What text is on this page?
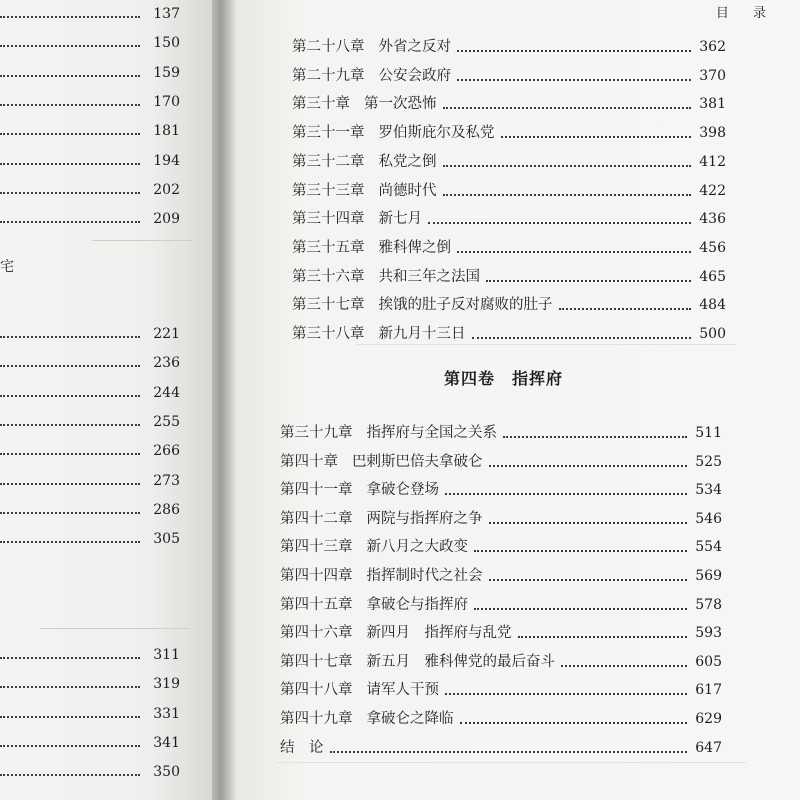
137
150
159
170
181
194
202
209
221
236
244
255
266
273
286
305
311
319
331
341
350
宅
目 录
第二十八章 外省之反对	362
第二十九章 公安会政府	370
第三十章 第一次恐怖	381
第三十一章 罗伯斯庇尔及私党	398
第三十二章 私党之倒	412
第三十三章 尚德时代	422
第三十四章 新七月	436
第三十五章 雅科俾之倒	456
第三十六章 共和三年之法国	465
第三十七章 挨饿的肚子反对腐败的肚子	484
第三十八章 新九月十三日	500
第四卷　指挥府
第三十九章 指挥府与全国之关系	511
第四十章 巴剌斯巴倍夫拿破仑	525
第四十一章 拿破仑登场	534
第四十二章 两院与指挥府之争	546
第四十三章 新八月之大政变	554
第四十四章 指挥制时代之社会	569
第四十五章 拿破仑与指挥府	578
第四十六章 新四月　指挥府与乱党	593
第四十七章 新五月　雅科俾党的最后奋斗	605
第四十八章 请军人干预	617
第四十九章 拿破仑之降临	629
结　论	647
